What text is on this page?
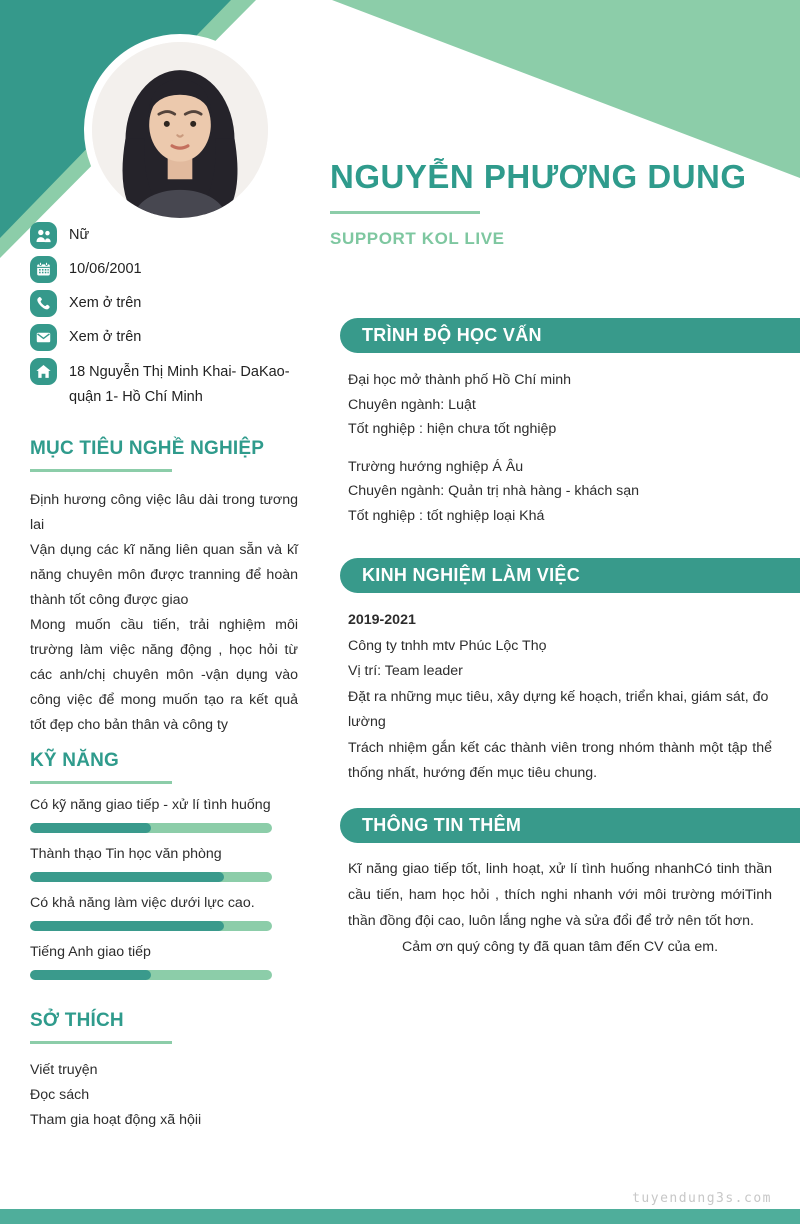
NGUYỄN PHƯƠNG DUNG
SUPPORT KOL LIVE
Nữ
10/06/2001
Xem ở trên
Xem ở trên
18 Nguyễn Thị Minh Khai- DaKao- quận 1- Hồ Chí Minh
MỤC TIÊU NGHỀ NGHIỆP
Định hương công việc lâu dài trong tương lai
Vận dụng các kĩ năng liên quan sẵn và kĩ năng chuyên môn được tranning để hoàn thành tốt công được giao
Mong muốn cầu tiến, trải nghiệm môi trường làm việc năng động , học hỏi từ các anh/chị chuyên môn -vận dụng vào công việc để mong muốn tạo ra kết quả tốt đẹp cho bản thân và công ty
KỸ NĂNG
Có kỹ năng giao tiếp - xử lí tình huống
Thành thạo Tin học văn phòng
Có khả năng làm việc dưới lực cao.
Tiếng Anh giao tiếp
SỞ THÍCH
Viết truyện
Đọc sách
Tham gia hoạt động xã hộii
TRÌNH ĐỘ HỌC VẤN
Đại học mở thành phố Hồ Chí minh
Chuyên ngành: Luật
Tốt nghiệp : hiện chưa tốt nghiệp
Trường hướng nghiệp Á Âu
Chuyên ngành: Quản trị nhà hàng - khách sạn
Tốt nghiệp : tốt nghiệp loại Khá
KINH NGHIỆM LÀM VIỆC
2019-2021
Công ty tnhh mtv Phúc Lộc Thọ
Vị trí: Team leader
Đặt ra những mục tiêu, xây dựng kế hoạch, triển khai, giám sát, đo lường
Trách nhiệm gắn kết các thành viên trong nhóm thành một tập thể thống nhất, hướng đến mục tiêu chung.
THÔNG TIN THÊM
Kĩ năng giao tiếp tốt, linh hoạt, xử lí tình huống nhanhCó tinh thần cầu tiến, ham học hỏi , thích nghi nhanh với môi trường mớiTinh thần đồng đội cao, luôn lắng nghe và sửa đổi để trở nên tốt hơn.
Cảm ơn quý công ty đã quan tâm đến CV của em.
tuyendung3s.com
